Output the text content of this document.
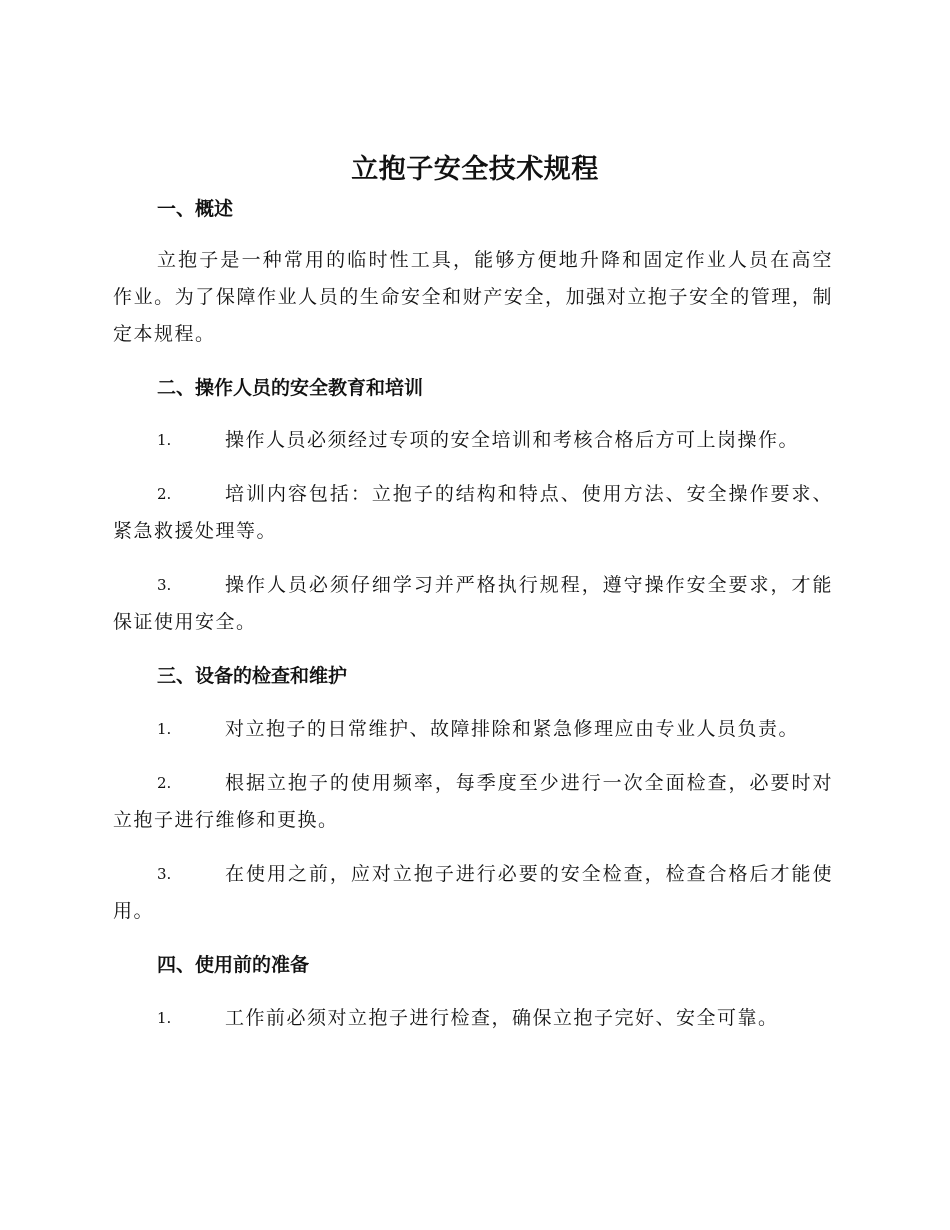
立抱子安全技术规程
一、概述

立抱子是一种常用的临时性工具，能够方便地升降和固定作业人员在高空作业。为了保障作业人员的生命安全和财产安全，加强对立抱子安全的管理，制定本规程。

二、操作人员的安全教育和培训
1.	操作人员必须经过专项的安全培训和考核合格后方可上岗操作。
2.	培训内容包括：立抱子的结构和特点、使用方法、安全操作要求、紧急救援处理等。
3.	操作人员必须仔细学习并严格执行规程，遵守操作安全要求，才能保证使用安全。
三、设备的检查和维护
1.	对立抱子的日常维护、故障排除和紧急修理应由专业人员负责。
2.	根据立抱子的使用频率，每季度至少进行一次全面检查，必要时对立抱子进行维修和更换。
3.	在使用之前，应对立抱子进行必要的安全检查，检查合格后才能使用。
四、使用前的准备
1.	工作前必须对立抱子进行检查，确保立抱子完好、安全可靠。
